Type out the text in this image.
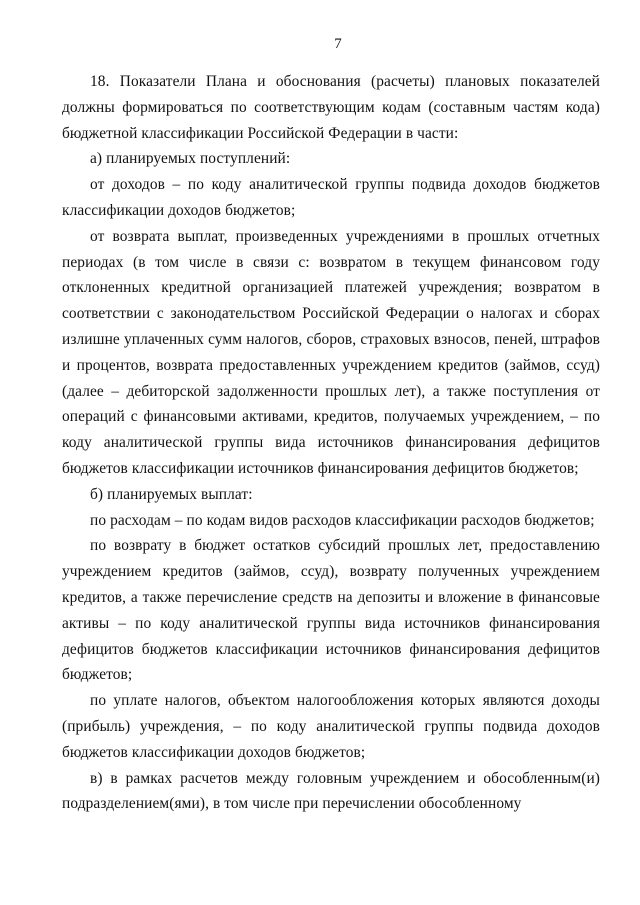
7

18. Показатели Плана и обоснования (расчеты) плановых показателей должны формироваться по соответствующим кодам (составным частям кода) бюджетной классификации Российской Федерации в части:

а) планируемых поступлений:

от доходов – по коду аналитической группы подвида доходов бюджетов классификации доходов бюджетов;

от возврата выплат, произведенных учреждениями в прошлых отчетных периодах (в том числе в связи с: возвратом в текущем финансовом году отклоненных кредитной организацией платежей учреждения; возвратом в соответствии с законодательством Российской Федерации о налогах и сборах излишне уплаченных сумм налогов, сборов, страховых взносов, пеней, штрафов и процентов, возврата предоставленных учреждением кредитов (займов, ссуд) (далее – дебиторской задолженности прошлых лет), а также поступления от операций с финансовыми активами, кредитов, получаемых учреждением, – по коду аналитической группы вида источников финансирования дефицитов бюджетов классификации источников финансирования дефицитов бюджетов;

б) планируемых выплат:

по расходам – по кодам видов расходов классификации расходов бюджетов;

по возврату в бюджет остатков субсидий прошлых лет, предоставлению учреждением кредитов (займов, ссуд), возврату полученных учреждением кредитов, а также перечисление средств на депозиты и вложение в финансовые активы – по коду аналитической группы вида источников финансирования дефицитов бюджетов классификации источников финансирования дефицитов бюджетов;

по уплате налогов, объектом налогообложения которых являются доходы (прибыль) учреждения, – по коду аналитической группы подвида доходов бюджетов классификации доходов бюджетов;

в) в рамках расчетов между головным учреждением и обособленным(и) подразделением(ями), в том числе при перечислении обособленному
